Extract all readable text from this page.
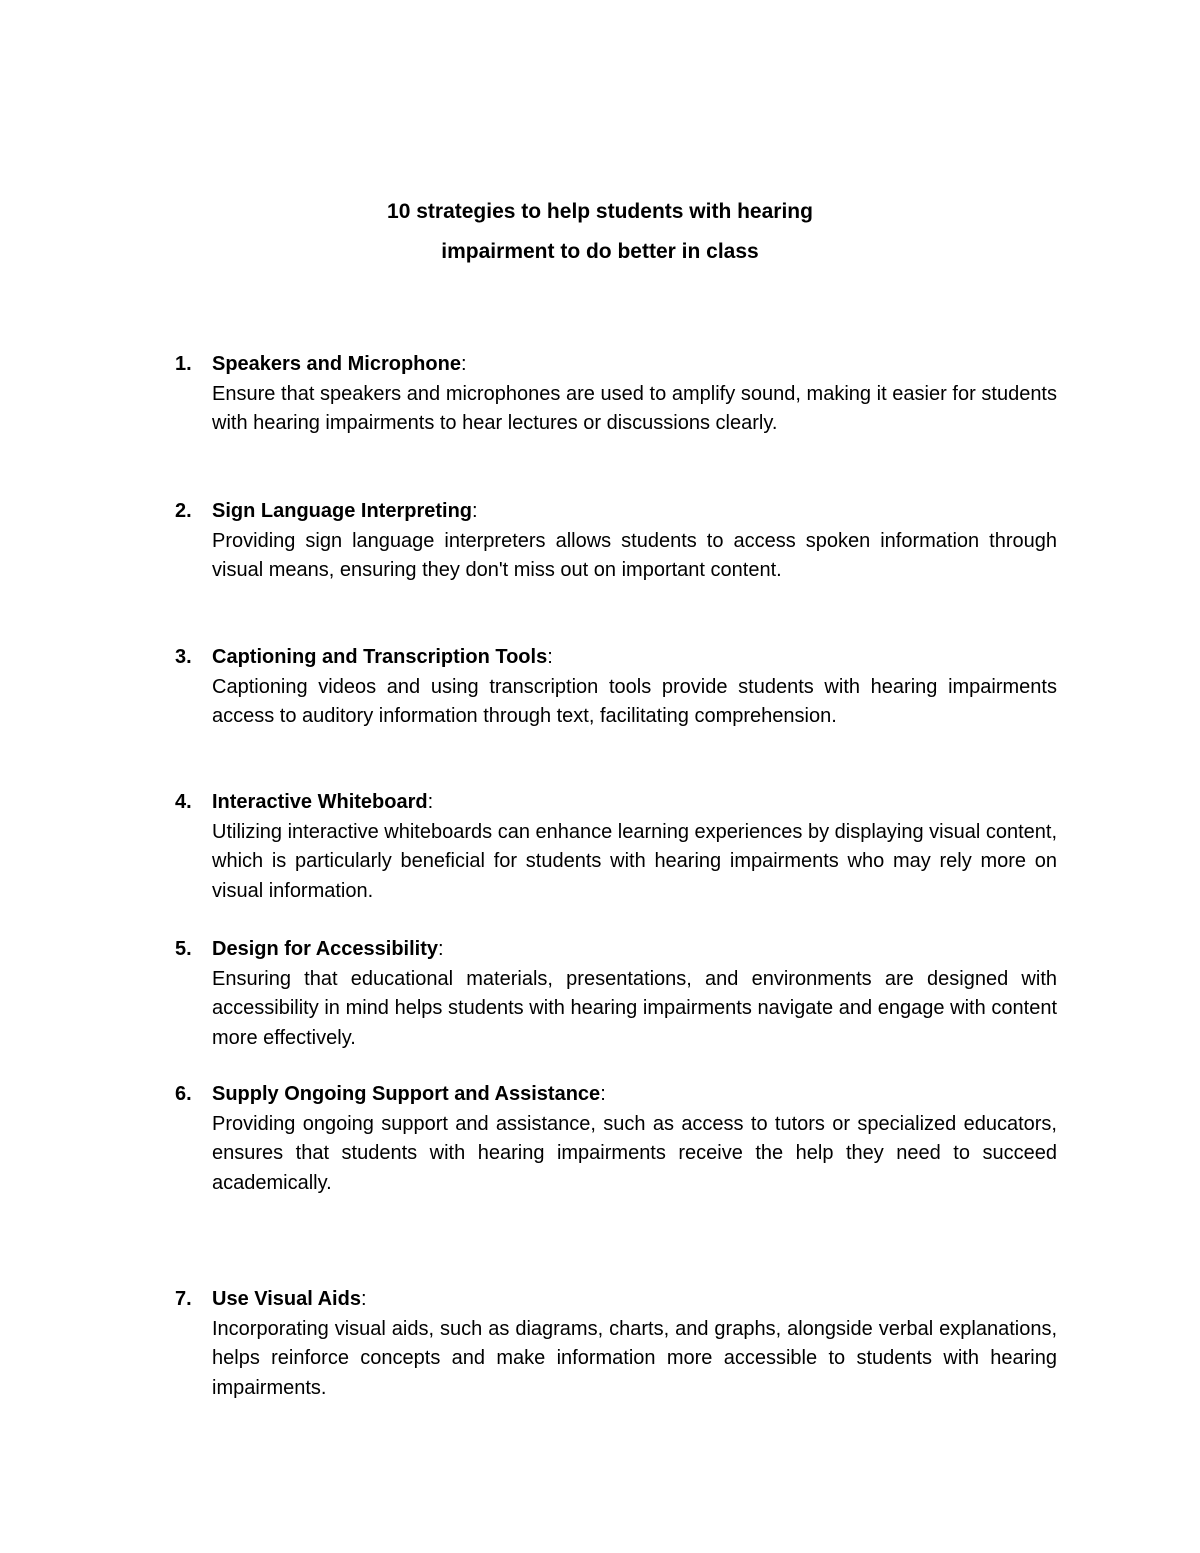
10 strategies to help students with hearing
impairment to do better in class
1. Speakers and Microphone:
Ensure that speakers and microphones are used to amplify sound, making it easier for students with hearing impairments to hear lectures or discussions clearly.
2. Sign Language Interpreting:
Providing sign language interpreters allows students to access spoken information through visual means, ensuring they don't miss out on important content.
3. Captioning and Transcription Tools:
Captioning videos and using transcription tools provide students with hearing impairments access to auditory information through text, facilitating comprehension.
4. Interactive Whiteboard:
Utilizing interactive whiteboards can enhance learning experiences by displaying visual content, which is particularly beneficial for students with hearing impairments who may rely more on visual information.
5. Design for Accessibility:
Ensuring that educational materials, presentations, and environments are designed with accessibility in mind helps students with hearing impairments navigate and engage with content more effectively.
6. Supply Ongoing Support and Assistance:
Providing ongoing support and assistance, such as access to tutors or specialized educators, ensures that students with hearing impairments receive the help they need to succeed academically.
7. Use Visual Aids:
Incorporating visual aids, such as diagrams, charts, and graphs, alongside verbal explanations, helps reinforce concepts and make information more accessible to students with hearing impairments.
